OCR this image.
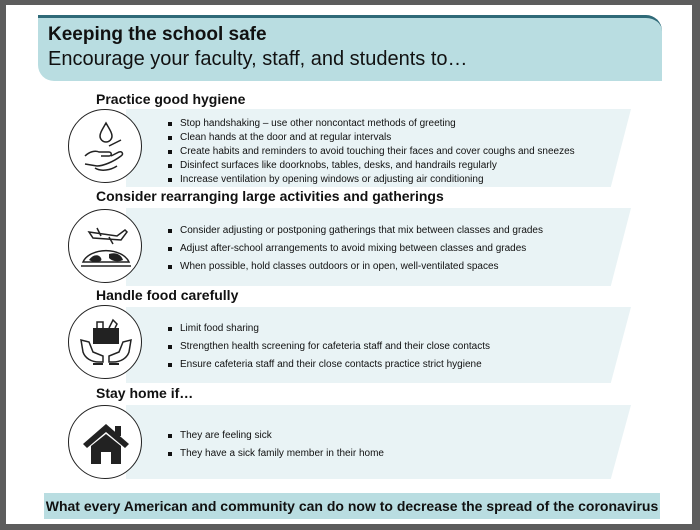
Keeping the school safe
Encourage your faculty, staff, and students to…
Practice good hygiene
Stop handshaking – use other noncontact methods of greeting
Clean hands at the door and at regular intervals
Create habits and reminders to avoid touching their faces and cover coughs and sneezes
Disinfect surfaces like doorknobs, tables, desks, and handrails regularly
Increase ventilation by opening windows or adjusting air conditioning
Consider rearranging large activities and gatherings
Consider adjusting or postponing gatherings that mix between classes and grades
Adjust after-school arrangements to avoid mixing between classes and grades
When possible, hold classes outdoors or in open, well-ventilated spaces
Handle food carefully
Limit food sharing
Strengthen health screening for cafeteria staff and their close contacts
Ensure cafeteria staff and their close contacts practice strict hygiene
Stay home if…
They are feeling sick
They have a sick family member in their home
What every American and community can do now to decrease the spread of the coronavirus
